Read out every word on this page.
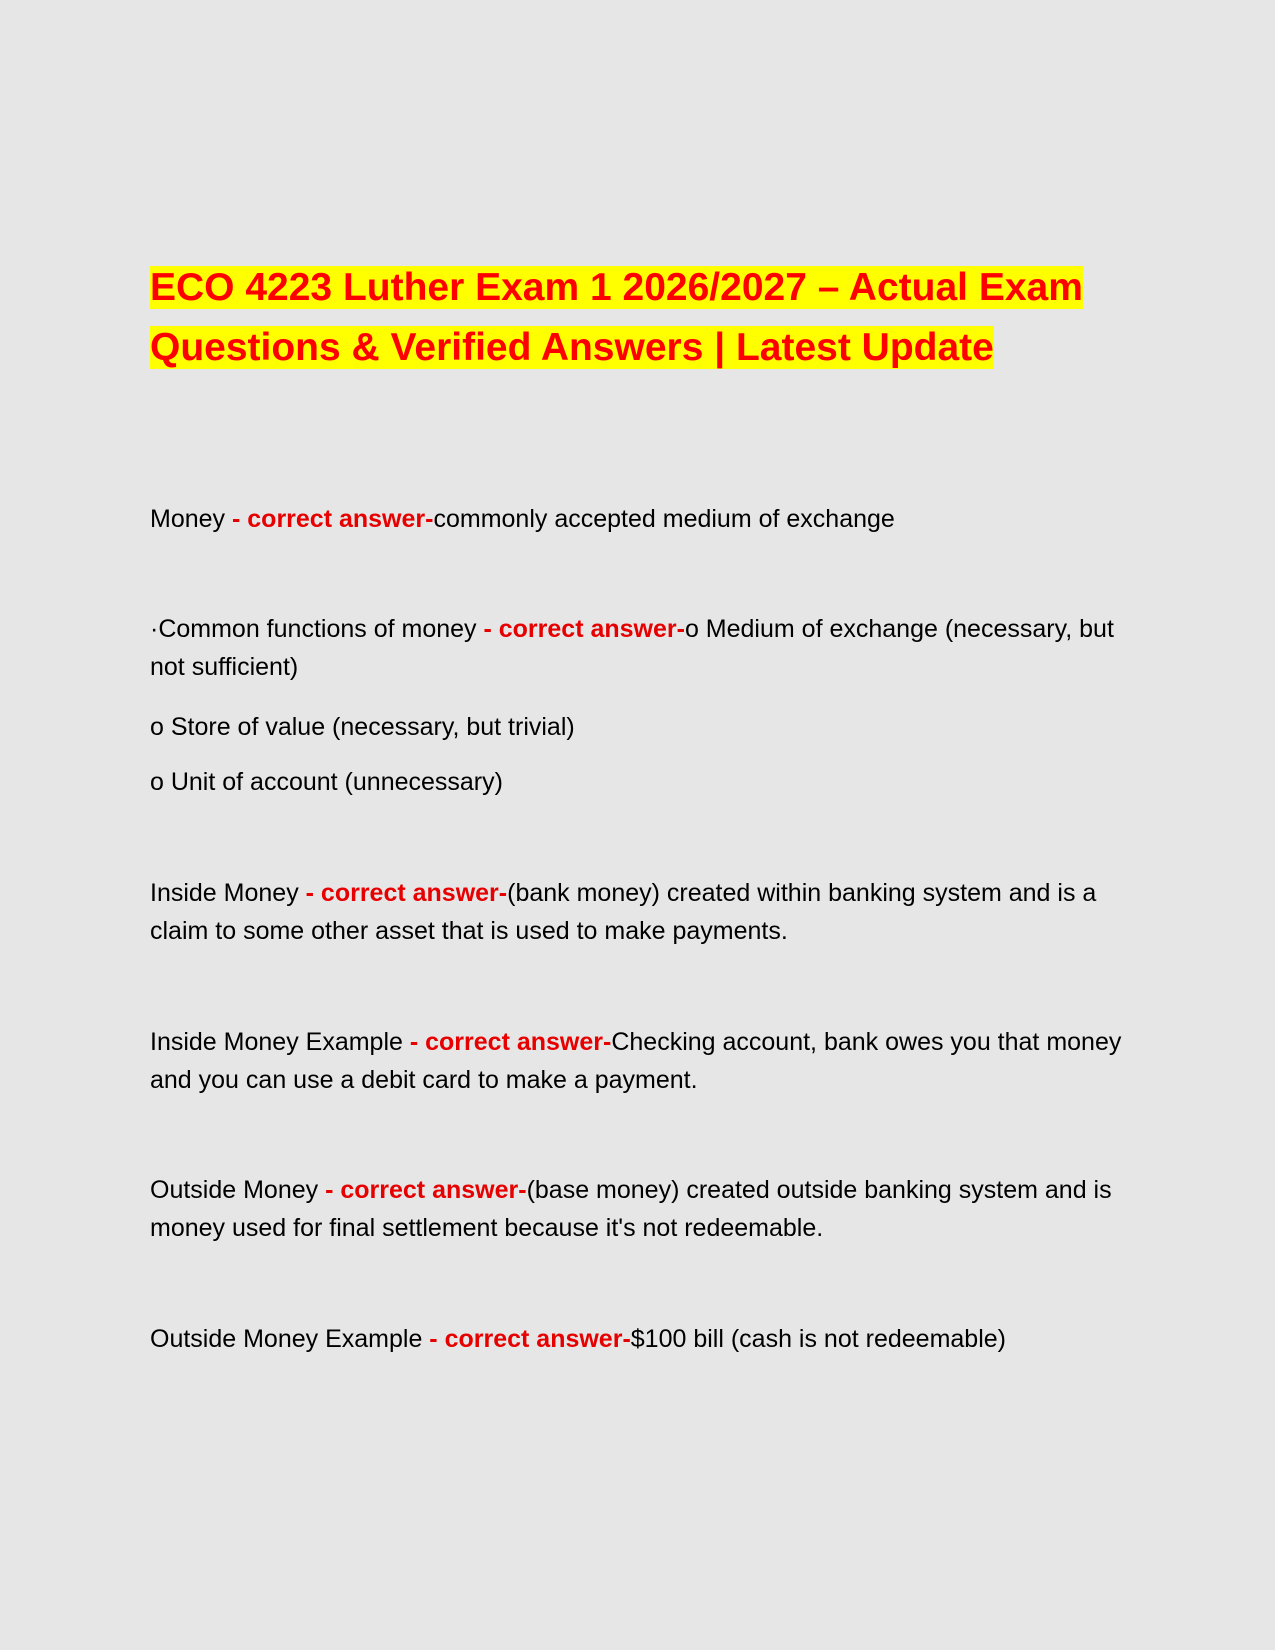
ECO 4223 Luther Exam 1 2026/2027 – Actual Exam
Questions & Verified Answers | Latest Update

Money - correct answer-commonly accepted medium of exchange

·Common functions of money - correct answer-o Medium of exchange (necessary, but not sufficient)

o Store of value (necessary, but trivial)

o Unit of account (unnecessary)

Inside Money - correct answer-(bank money) created within banking system and is a claim to some other asset that is used to make payments.

Inside Money Example - correct answer-Checking account, bank owes you that money and you can use a debit card to make a payment.

Outside Money - correct answer-(base money) created outside banking system and is money used for final settlement because it's not redeemable.

Outside Money Example - correct answer-$100 bill (cash is not redeemable)
